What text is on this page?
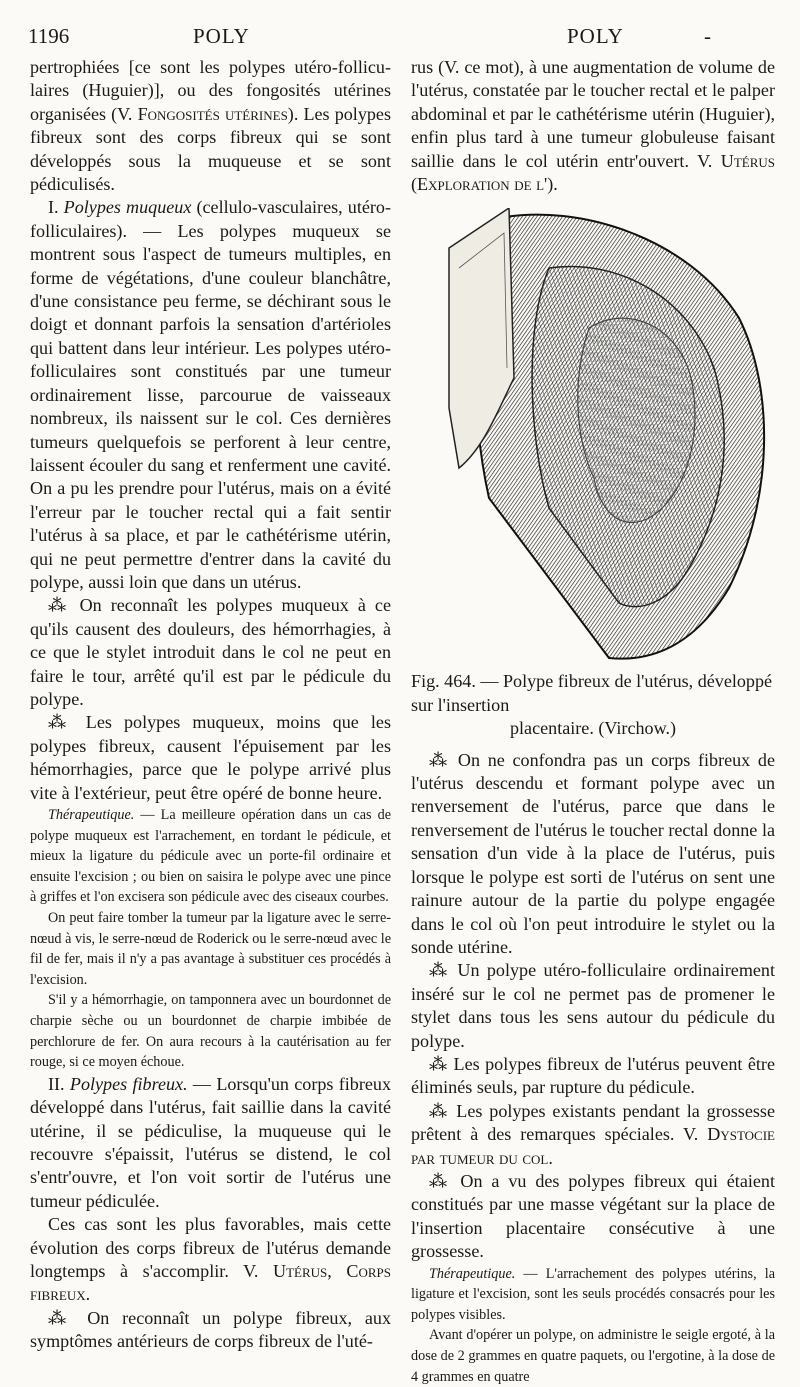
1196	POLY	POLY	-

pertrophiées [ce sont les polypes utéro-follicu-laires (Huguier)], ou des fongosités utérines organisées (V. Fongosités utérines). Les polypes fibreux sont des corps fibreux qui se sont développés sous la muqueuse et se sont pédiculisés.

I. Polypes muqueux (cellulo-vasculaires, utéro-folliculaires). — Les polypes muqueux se montrent sous l'aspect de tumeurs multiples, en forme de végétations, d'une couleur blanchâtre, d'une consistance peu ferme, se déchirant sous le doigt et donnant parfois la sensation d'artérioles qui battent dans leur intérieur. Les polypes utéro-folliculaires sont constitués par une tumeur ordinairement lisse, parcourue de vaisseaux nombreux, ils naissent sur le col. Ces dernières tumeurs quelquefois se perforent à leur centre, laissent écouler du sang et renferment une cavité. On a pu les prendre pour l'utérus, mais on a évité l'erreur par le toucher rectal qui a fait sentir l'utérus à sa place, et par le cathétérisme utérin, qui ne peut permettre d'entrer dans la cavité du polype, aussi loin que dans un utérus.

⁂ On reconnaît les polypes muqueux à ce qu'ils causent des douleurs, des hémorrhagies, à ce que le stylet introduit dans le col ne peut en faire le tour, arrêté qu'il est par le pédicule du polype.

⁂ Les polypes muqueux, moins que les polypes fibreux, causent l'épuisement par les hémorrhagies, parce que le polype arrivé plus vite à l'extérieur, peut être opéré de bonne heure.

Thérapeutique. — La meilleure opération dans un cas de polype muqueux est l'arrachement, en tordant le pédicule, et mieux la ligature du pédicule avec un porte-fil ordinaire et ensuite l'excision ; ou bien on saisira le polype avec une pince à griffes et l'on excisera son pédicule avec des ciseaux courbes.

On peut faire tomber la tumeur par la ligature avec le serre-nœud à vis, le serre-nœud de Roderick ou le serre-nœud avec le fil de fer, mais il n'y a pas avantage à substituer ces procédés à l'excision.

S'il y a hémorrhagie, on tamponnera avec un bourdonnet de charpie sèche ou un bourdonnet de charpie imbibée de perchlorure de fer. On aura recours à la cautérisation au fer rouge, si ce moyen échoue.

II. Polypes fibreux. — Lorsqu'un corps fibreux développé dans l'utérus, fait saillie dans la cavité utérine, il se pédiculise, la muqueuse qui le recouvre s'épaissit, l'utérus se distend, le col s'entr'ouvre, et l'on voit sortir de l'utérus une tumeur pédiculée.

Ces cas sont les plus favorables, mais cette évolution des corps fibreux de l'utérus demande longtemps à s'accomplir. V. Utérus, Corps fibreux.

⁂ On reconnaît un polype fibreux, aux symptômes antérieurs de corps fibreux de l'uté-

rus (V. ce mot), à une augmentation de volume de l'utérus, constatée par le toucher rectal et le palper abdominal et par le cathétérisme utérin (Huguier), enfin plus tard à une tumeur globuleuse faisant saillie dans le col utérin entr'ouvert. V. Utérus (Exploration de l').

Fig. 464. — Polype fibreux de l'utérus, développé sur l'insertion
placentaire. (Virchow.)

⁂ On ne confondra pas un corps fibreux de l'utérus descendu et formant polype avec un renversement de l'utérus, parce que dans le renversement de l'utérus le toucher rectal donne la sensation d'un vide à la place de l'utérus, puis lorsque le polype est sorti de l'utérus on sent une rainure autour de la partie du polype engagée dans le col où l'on peut introduire le stylet ou la sonde utérine.

⁂ Un polype utéro-folliculaire ordinairement inséré sur le col ne permet pas de promener le stylet dans tous les sens autour du pédicule du polype.

⁂ Les polypes fibreux de l'utérus peuvent être éliminés seuls, par rupture du pédicule.

⁂ Les polypes existants pendant la grossesse prêtent à des remarques spéciales. V. Dystocie par tumeur du col.

⁂ On a vu des polypes fibreux qui étaient constitués par une masse végétant sur la place de l'insertion placentaire consécutive à une grossesse.

Thérapeutique. — L'arrachement des polypes utérins, la ligature et l'excision, sont les seuls procédés consacrés pour les polypes visibles.

Avant d'opérer un polype, on administre le seigle ergoté, à la dose de 2 grammes en quatre paquets, ou l'ergotine, à la dose de 4 grammes en quatre
